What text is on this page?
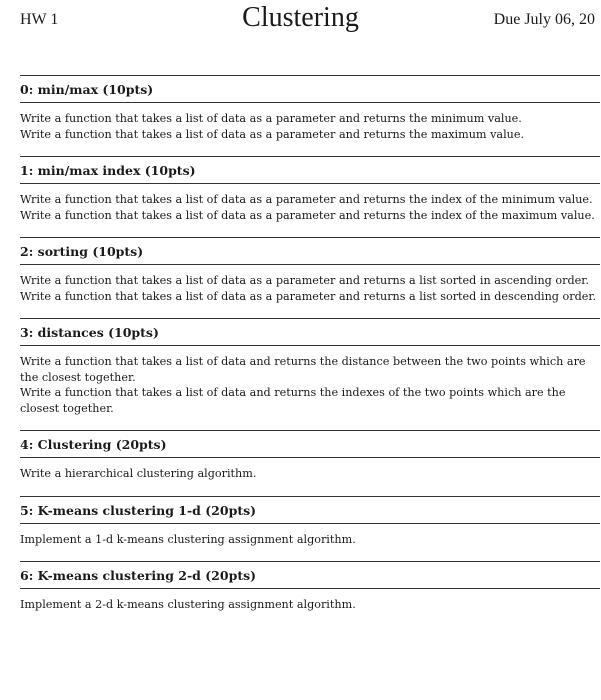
HW 1	Clustering	Due July 06, 20
0: min/max (10pts)
Write a function that takes a list of data as a parameter and returns the minimum value.
Write a function that takes a list of data as a parameter and returns the maximum value.
1: min/max index (10pts)
Write a function that takes a list of data as a parameter and returns the index of the minimum value.
Write a function that takes a list of data as a parameter and returns the index of the maximum value.
2: sorting (10pts)
Write a function that takes a list of data as a parameter and returns a list sorted in ascending order.
Write a function that takes a list of data as a parameter and returns a list sorted in descending order.
3: distances (10pts)
Write a function that takes a list of data and returns the distance between the two points which are the closest together.
Write a function that takes a list of data and returns the indexes of the two points which are the closest together.
4: Clustering (20pts)
Write a hierarchical clustering algorithm.
5: K-means clustering 1-d (20pts)
Implement a 1-d k-means clustering assignment algorithm.
6: K-means clustering 2-d (20pts)
Implement a 2-d k-means clustering assignment algorithm.
